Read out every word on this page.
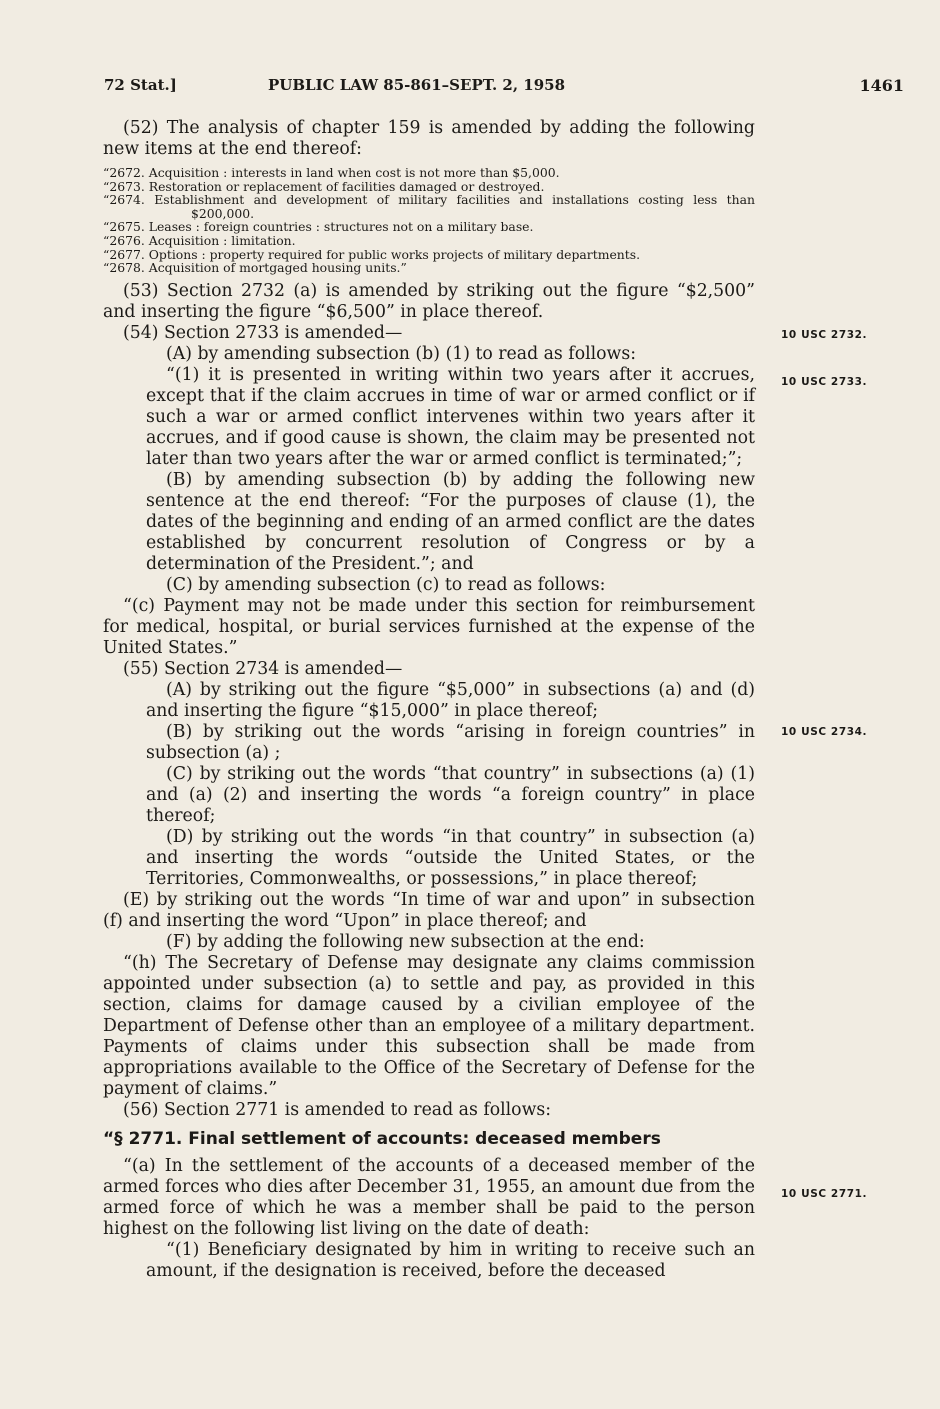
72 Stat.]	PUBLIC LAW 85-861–SEPT. 2, 1958	1461

(52) The analysis of chapter 159 is amended by adding the following new items at the end thereof:

“2672. Acquisition : interests in land when cost is not more than $5,000.
“2673. Restoration or replacement of facilities damaged or destroyed.
“2674. Establishment and development of military facilities and installations costing less than $200,000.
“2675. Leases : foreign countries : structures not on a military base.
“2676. Acquisition : limitation.
“2677. Options : property required for public works projects of military departments.
“2678. Acquisition of mortgaged housing units.”

(53) Section 2732 (a) is amended by striking out the figure “$2,500” and inserting the figure “$6,500” in place thereof.

(54) Section 2733 is amended—

(A) by amending subsection (b) (1) to read as follows:

“(1) it is presented in writing within two years after it accrues, except that if the claim accrues in time of war or armed conflict or if such a war or armed conflict intervenes within two years after it accrues, and if good cause is shown, the claim may be presented not later than two years after the war or armed conflict is terminated;”;

(B) by amending subsection (b) by adding the following new sentence at the end thereof: “For the purposes of clause (1), the dates of the beginning and ending of an armed conflict are the dates established by concurrent resolution of Congress or by a determination of the President.”; and

(C) by amending subsection (c) to read as follows:

“(c) Payment may not be made under this section for reimbursement for medical, hospital, or burial services furnished at the expense of the United States.”

(55) Section 2734 is amended—

(A) by striking out the figure “$5,000” in subsections (a) and (d) and inserting the figure “$15,000” in place thereof;

(B) by striking out the words “arising in foreign countries” in subsection (a) ;

(C) by striking out the words “that country” in subsections (a) (1) and (a) (2) and inserting the words “a foreign country” in place thereof;

(D) by striking out the words “in that country” in subsection (a) and inserting the words “outside the United States, or the Territories, Commonwealths, or possessions,” in place thereof;

(E) by striking out the words “In time of war and upon” in subsection (f) and inserting the word “Upon” in place thereof; and

(F) by adding the following new subsection at the end:

“(h) The Secretary of Defense may designate any claims commission appointed under subsection (a) to settle and pay, as provided in this section, claims for damage caused by a civilian employee of the Department of Defense other than an employee of a military department. Payments of claims under this subsection shall be made from appropriations available to the Office of the Secretary of Defense for the payment of claims.”

(56) Section 2771 is amended to read as follows:

“§ 2771. Final settlement of accounts: deceased members

“(a) In the settlement of the accounts of a deceased member of the armed forces who dies after December 31, 1955, an amount due from the armed force of which he was a member shall be paid to the person highest on the following list living on the date of death:

“(1) Beneficiary designated by him in writing to receive such an amount, if the designation is received, before the deceased

10 USC 2732.
10 USC 2733.
10 USC 2734.
10 USC 2771.
